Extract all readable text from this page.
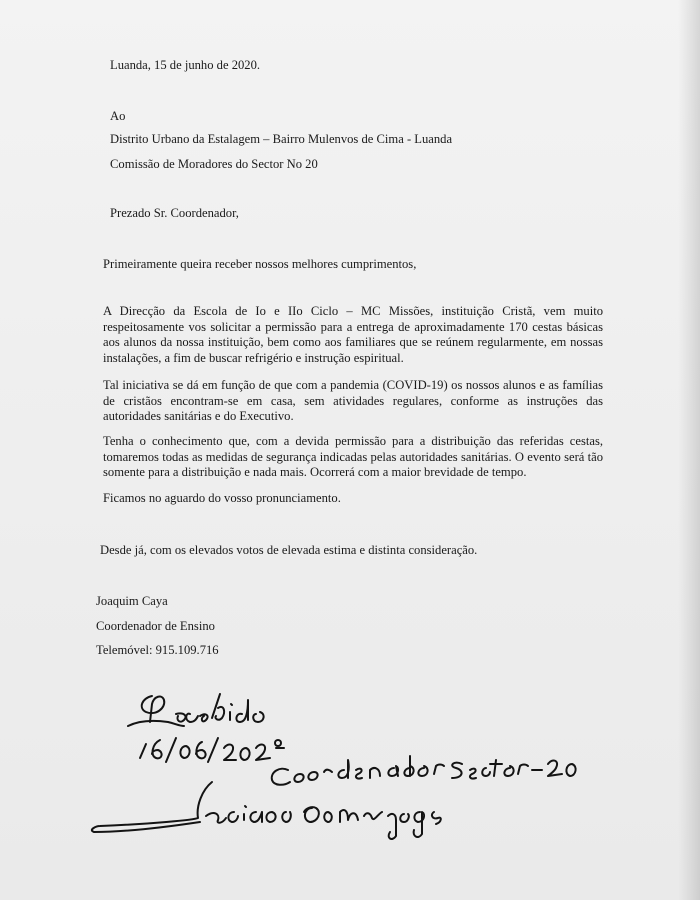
Luanda, 15 de junho de 2020.
Ao
Distrito Urbano da Estalagem – Bairro Mulenvos de Cima - Luanda
Comissão de Moradores do Sector No 20
Prezado Sr. Coordenador,
Primeiramente queira receber nossos melhores cumprimentos,
A Direcção da Escola de Io e IIo Ciclo – MC Missões, instituição Cristã, vem muito respeitosamente vos solicitar a permissão para a entrega de aproximadamente 170 cestas básicas aos alunos da nossa instituição, bem como aos familiares que se reúnem regularmente, em nossas instalações, a fim de buscar refrigério e instrução espiritual.
Tal iniciativa se dá em função de que com a pandemia (COVID-19) os nossos alunos e as famílias de cristãos encontram-se em casa, sem atividades regulares, conforme as instruções das autoridades sanitárias e do Executivo.
Tenha o conhecimento que, com a devida permissão para a distribuição das referidas cestas, tomaremos todas as medidas de segurança indicadas pelas autoridades sanitárias. O evento será tão somente para a distribuição e nada mais. Ocorrerá com a maior brevidade de tempo.
Ficamos no aguardo do vosso pronunciamento.
Desde já, com os elevados votos de elevada estima e distinta consideração.
Joaquim Caya
Coordenador de Ensino
Telemóvel: 915.109.716
